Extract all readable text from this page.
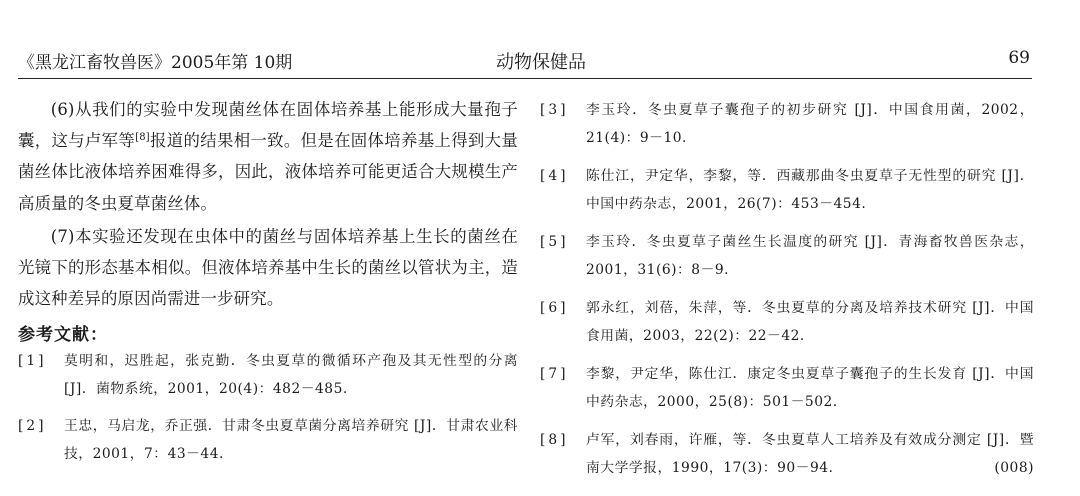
《黑龙江畜牧兽医》2005年第 10期	动物保健品	69

(6)从我们的实验中发现菌丝体在固体培养基上能形成大量孢子囊，这与卢军等[8]报道的结果相一致。但是在固体培养基上得到大量菌丝体比液体培养困难得多，因此，液体培养可能更适合大规模生产高质量的冬虫夏草菌丝体。

(7)本实验还发现在虫体中的菌丝与固体培养基上生长的菌丝在光镜下的形态基本相似。但液体培养基中生长的菌丝以管状为主，造成这种差异的原因尚需进一步研究。

参考文献：
[1]	莫明和，迟胜起，张克勤．冬虫夏草的微循环产孢及其无性型的分离 [J]．菌物系统，2001，20(4)：482－485.
[2]	王忠，马启龙，乔正强．甘肃冬虫夏草菌分离培养研究 [J]．甘肃农业科技，2001，7：43－44.
[3]	李玉玲．冬虫夏草子囊孢子的初步研究 [J]．中国食用菌，2002，21(4)：9－10.
[4]	陈仕江，尹定华，李黎，等．西藏那曲冬虫夏草子无性型的研究 [J]．中国中药杂志，2001，26(7)：453－454.
[5]	李玉玲．冬虫夏草子菌丝生长温度的研究 [J]．青海畜牧兽医杂志，2001，31(6)：8－9.
[6]	郭永红，刘蓓，朱萍，等．冬虫夏草的分离及培养技术研究 [J]．中国食用菌，2003，22(2)：22－42.
[7]	李黎，尹定华，陈仕江．康定冬虫夏草子囊孢子的生长发育 [J]．中国中药杂志，2000，25(8)：501－502.
[8]	卢军，刘春雨，许雁，等．冬虫夏草人工培养及有效成分测定 [J]．暨南大学学报，1990，17(3)：90－94.	(008)
